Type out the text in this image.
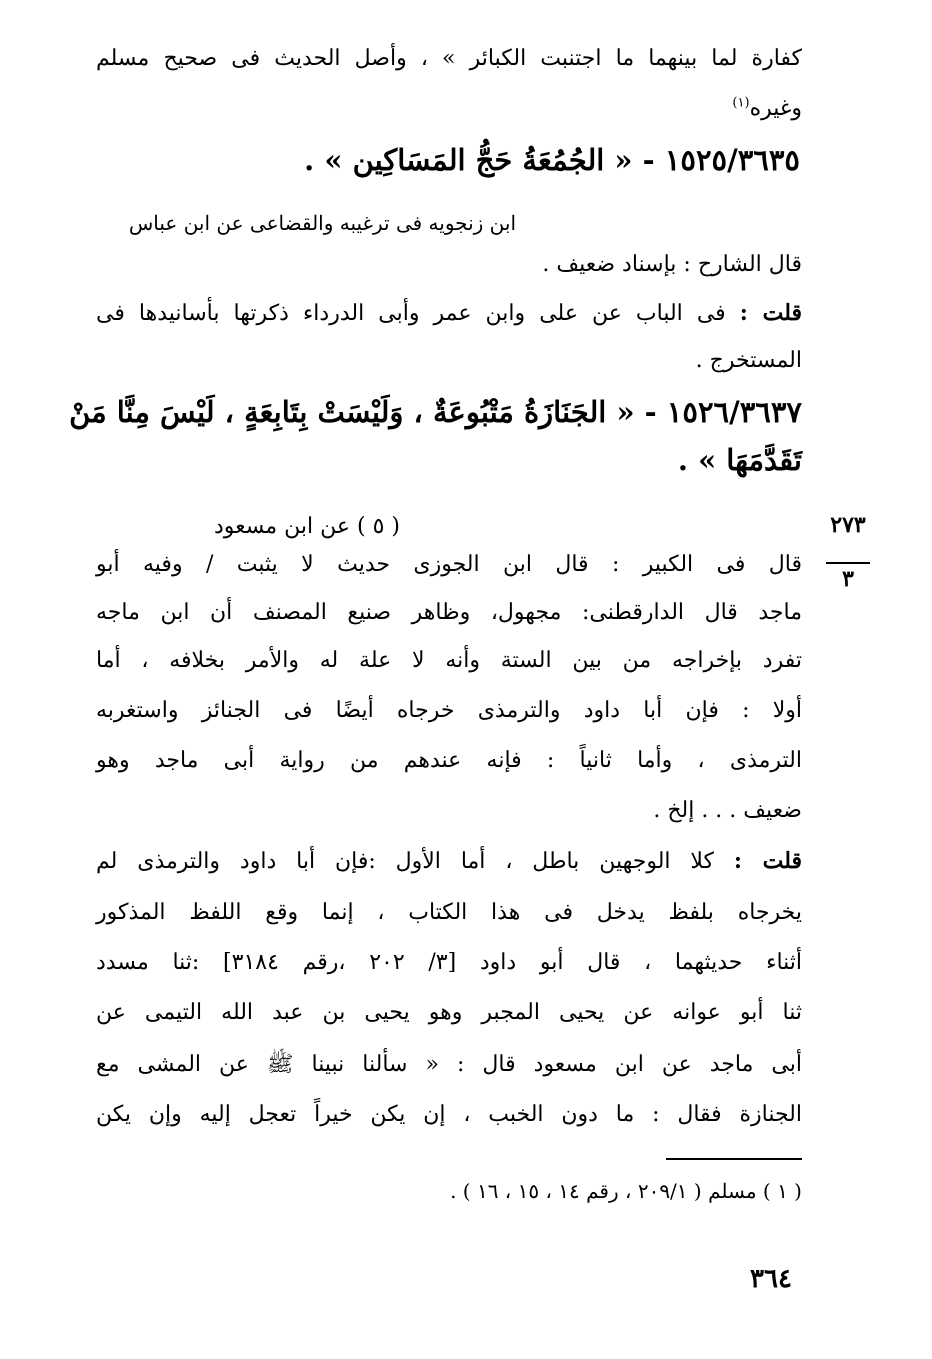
كفارة لما بينهما ما اجتنبت الكبائر » ، وأصل الحديث فى صحيح مسلم
وغيره$^{(١)}$
١٥٢٥/٣٦٣٥ - « الجُمُعَةُ حَجُّ المَسَاكِين » .
ابن زنجويه فى ترغيبه والقضاعى عن ابن عباس
قال الشارح : بإسناد ضعيف .
قلت : فى الباب عن على وابن عمر وأبى الدرداء ذكرتها بأسانيدها فى
المستخرج .
١٥٢٦/٣٦٣٧ - « الجَنَازَةُ مَتْبُوعَةٌ ، وَلَيْسَتْ بِتَابِعَةٍ ، لَيْسَ مِنَّا مَنْ
تَقَدَّمَهَا » .
( ٥ ) عن ابن مسعود	٢٧٣
٣
قال فى الكبير : قال ابن الجوزى حديث لا يثبت / وفيه أبو
ماجد قال الدارقطنى: مجهول، وظاهر صنيع المصنف أن ابن ماجه
تفرد بإخراجه من بين الستة وأنه لا علة له والأمر بخلافه ، أما
أولا : فإن أبا داود والترمذى خرجاه أيضًا فى الجنائز واستغربه
الترمذى ، وأما ثانياً : فإنه عندهم من رواية أبى ماجد وهو
ضعيف . . . إلخ .
قلت : كلا الوجهين باطل ، أما الأول :فإن أبا داود والترمذى لم
يخرجاه بلفظ يدخل فى هذا الكتاب ، إنما وقع اللفظ المذكور
أثناء حديثهما ، قال أبو داود [٣/ ٢٠٢ ،رقم ٣١٨٤] :ثنا مسدد
ثنا أبو عوانه عن يحيى المجبر وهو يحيى بن عبد الله التيمى عن
أبى ماجد عن ابن مسعود قال : « سألنا نبينا ﷺ عن المشى مع
الجنازة فقال : ما دون الخبب ، إن يكن خيراً تعجل إليه وإن يكن
( ١ ) مسلم ( ٢٠٩/١ ، رقم ١٤ ، ١٥ ، ١٦ ) .
٣٦٤
